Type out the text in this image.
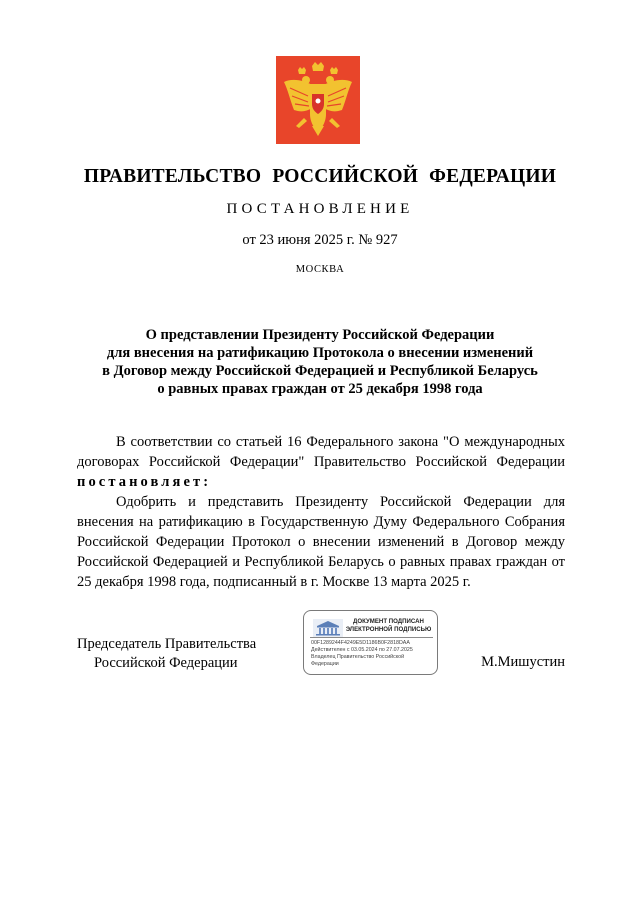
ПРАВИТЕЛЬСТВО РОССИЙСКОЙ ФЕДЕРАЦИИ
ПОСТАНОВЛЕНИЕ
от 23 июня 2025 г. № 927
МОСКВА
О представлении Президенту Российской Федерации
для внесения на ратификацию Протокола о внесении изменений
в Договор между Российской Федерацией и Республикой Беларусь
о равных правах граждан от 25 декабря 1998 года

В соответствии со статьей 16 Федерального закона "О международных договорах Российской Федерации" Правительство Российской Федерации постановляет:

Одобрить и представить Президенту Российской Федерации для внесения на ратификацию в Государственную Думу Федерального Собрания Российской Федерации Протокол о внесении изменений в Договор между Российской Федерацией и Республикой Беларусь о равных правах граждан от 25 декабря 1998 года, подписанный в г. Москве 13 марта 2025 г.

Председатель Правительства
Российской Федерации
ДОКУМЕНТ ПОДПИСАН
ЭЛЕКТРОННОЙ ПОДПИСЬЮ
00F1289244F4249E5D1186B0F2818DAA
Действителен с 03.05.2024 по 27.07.2025
Владелец Правительство Российской Федерации	М.Мишустин
